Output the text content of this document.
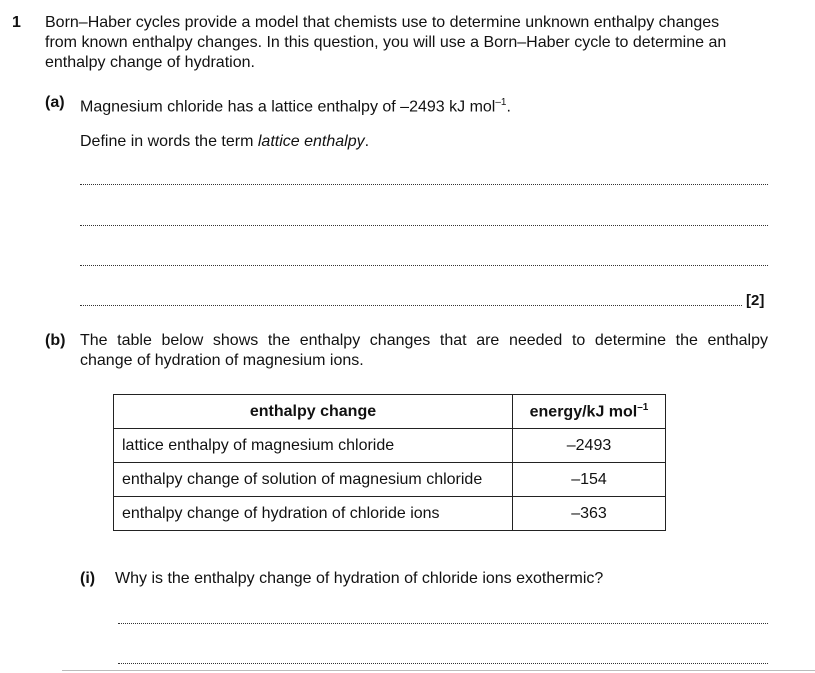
1 Born–Haber cycles provide a model that chemists use to determine unknown enthalpy changes
from known enthalpy changes. In this question, you will use a Born–Haber cycle to determine an
enthalpy change of hydration.
(a) Magnesium chloride has a lattice enthalpy of –2493 kJ mol$^{-1}$.
Define in words the term lattice enthalpy.
[2]
(b) The table below shows the enthalpy changes that are needed to determine the enthalpy
change of hydration of magnesium ions.
enthalpy change	energy/kJ mol$^{-1}$
lattice enthalpy of magnesium chloride	–2493
enthalpy change of solution of magnesium chloride	–154
enthalpy change of hydration of chloride ions	–363
(i) Why is the enthalpy change of hydration of chloride ions exothermic?
